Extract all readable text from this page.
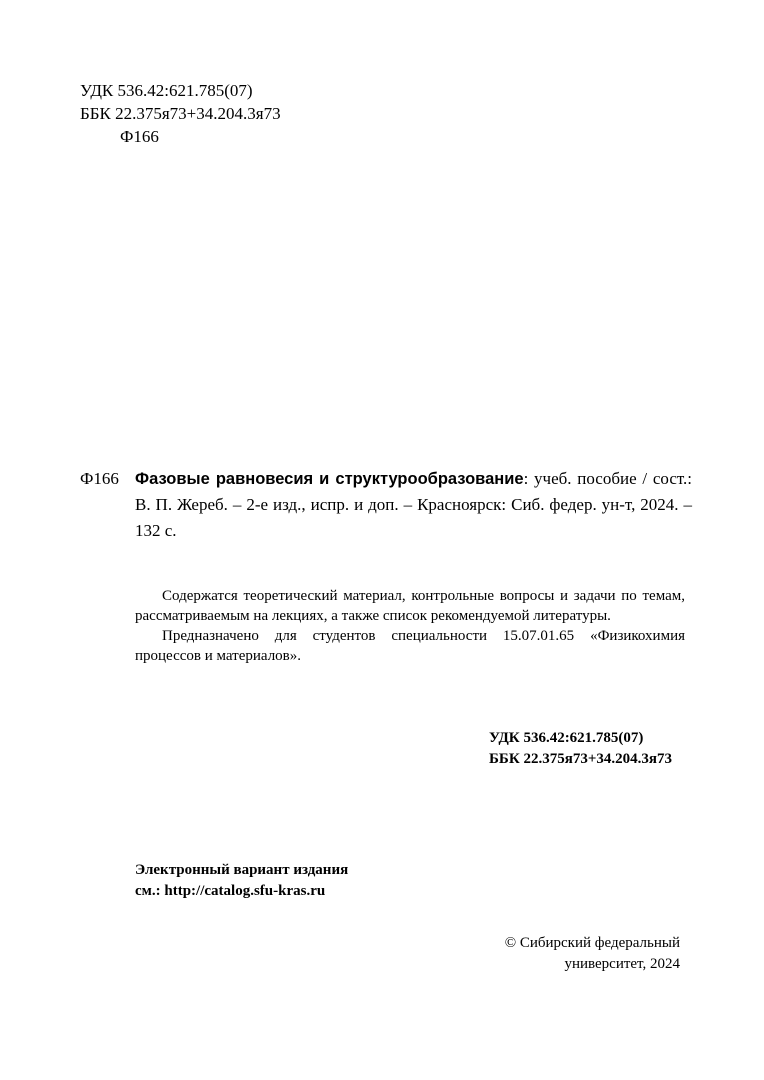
УДК 536.42:621.785(07)
ББК 22.375я73+34.204.3я73
Ф166
Ф166 Фазовые равновесия и структурообразование: учеб. пособие / сост.: В. П. Жереб. – 2-е изд., испр. и доп. – Красноярск: Сиб. федер. ун-т, 2024. – 132 с.

Содержатся теоретический материал, контрольные вопросы и задачи по темам, рассматриваемым на лекциях, а также список рекомендуемой литературы.

Предназначено для студентов специальности 15.07.01.65 «Физикохимия процессов и материалов».

УДК 536.42:621.785(07)
ББК 22.375я73+34.204.3я73
Электронный вариант издания
см.: http://catalog.sfu-kras.ru
© Сибирский федеральный
университет, 2024
